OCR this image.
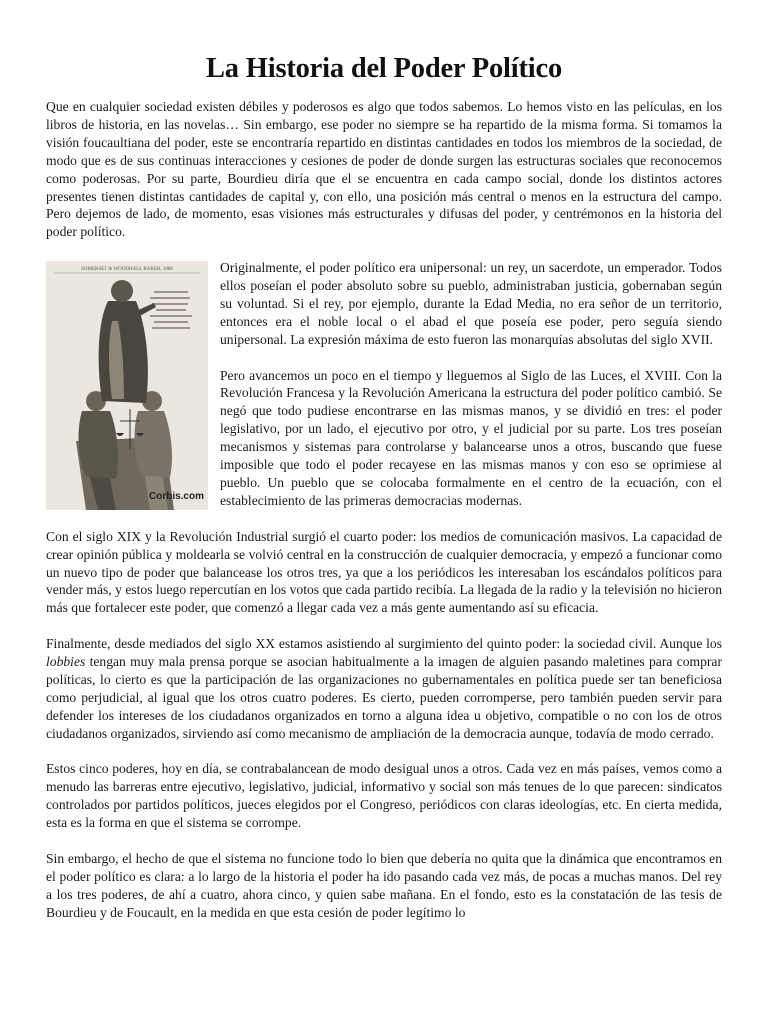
La Historia del Poder Político

Que en cualquier sociedad existen débiles y poderosos es algo que todos sabemos. Lo hemos visto en las películas, en los libros de historia, en las novelas… Sin embargo, ese poder no siempre se ha repartido de la misma forma. Si tomamos la visión foucaultiana del poder, este se encontraría repartido en distintas cantidades en todos los miembros de la sociedad, de modo que es de sus continuas interacciones y cesiones de poder de donde surgen las estructuras sociales que reconocemos como poderosas. Por su parte, Bourdieu diría que el se encuentra en cada campo social, donde los distintos actores presentes tienen distintas cantidades de capital y, con ello, una posición más central o menos en la estructura del campo. Pero dejemos de lado, de momento, esas visiones más estructurales y difusas del poder, y centrémonos en la historia del poder político.

SOMERSET & WOODHALL BAKER, 1888
Corbis.com

Originalmente, el poder político era unipersonal: un rey, un sacerdote, un emperador. Todos ellos poseían el poder absoluto sobre su pueblo, administraban justicia, gobernaban según su voluntad. Si el rey, por ejemplo, durante la Edad Media, no era señor de un territorio, entonces era el noble local o el abad el que poseía ese poder, pero seguía siendo unipersonal. La expresión máxima de esto fueron las monarquías absolutas del siglo XVII.

Pero avancemos un poco en el tiempo y lleguemos al Siglo de las Luces, el XVIII. Con la Revolución Francesa y la Revolución Americana la estructura del poder político cambió. Se negó que todo pudiese encontrarse en las mismas manos, y se dividió en tres: el poder legislativo, por un lado, el ejecutivo por otro, y el judicial por su parte. Los tres poseían mecanismos y sistemas para controlarse y balancearse unos a otros, buscando que fuese imposible que todo el poder recayese en las mismas manos y con eso se oprimiese al pueblo. Un pueblo que se colocaba formalmente en el centro de la ecuación, con el establecimiento de las primeras democracias modernas.

Con el siglo XIX y la Revolución Industrial surgió el cuarto poder: los medios de comunicación masivos. La capacidad de crear opinión pública y moldearla se volvió central en la construcción de cualquier democracia, y empezó a funcionar como un nuevo tipo de poder que balancease los otros tres, ya que a los periódicos les interesaban los escándalos políticos para vender más, y estos luego repercutían en los votos que cada partido recibía. La llegada de la radio y la televisión no hicieron más que fortalecer este poder, que comenzó a llegar cada vez a más gente aumentando así su eficacia.

Finalmente, desde mediados del siglo XX estamos asistiendo al surgimiento del quinto poder: la sociedad civil. Aunque los lobbies tengan muy mala prensa porque se asocian habitualmente a la imagen de alguien pasando maletines para comprar políticas, lo cierto es que la participación de las organizaciones no gubernamentales en política puede ser tan beneficiosa como perjudicial, al igual que los otros cuatro poderes. Es cierto, pueden corromperse, pero también pueden servir para defender los intereses de los ciudadanos organizados en torno a alguna idea u objetivo, compatible o no con los de otros ciudadanos organizados, sirviendo así como mecanismo de ampliación de la democracia aunque, todavía de modo cerrado.

Estos cinco poderes, hoy en día, se contrabalancean de modo desigual unos a otros. Cada vez en más países, vemos como a menudo las barreras entre ejecutivo, legislativo, judicial, informativo y social son más tenues de lo que parecen: sindicatos controlados por partidos políticos, jueces elegidos por el Congreso, periódicos con claras ideologías, etc. En cierta medida, esta es la forma en que el sistema se corrompe.

Sin embargo, el hecho de que el sistema no funcione todo lo bien que debería no quita que la dinámica que encontramos en el poder político es clara: a lo largo de la historia el poder ha ido pasando cada vez más, de pocas a muchas manos. Del rey a los tres poderes, de ahí a cuatro, ahora cinco, y quien sabe mañana. En el fondo, esto es la constatación de las tesis de Bourdieu y de Foucault, en la medida en que esta cesión de poder legítimo lo
